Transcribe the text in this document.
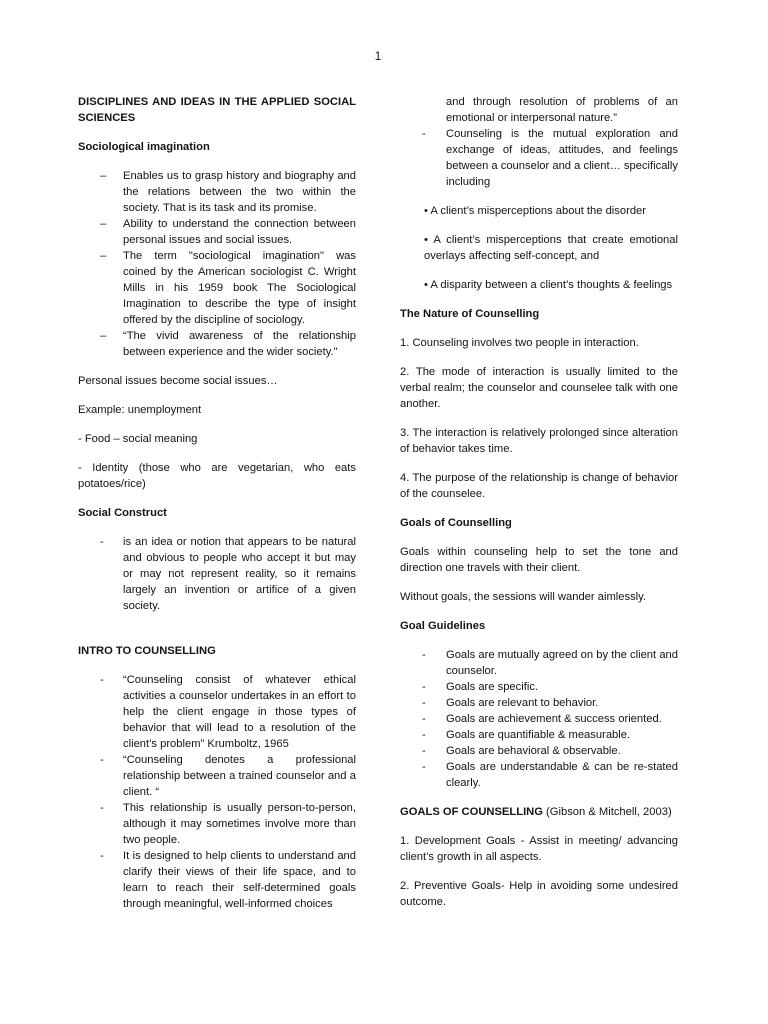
1
DISCIPLINES AND IDEAS IN THE APPLIED SOCIAL SCIENCES
Sociological imagination
– Enables us to grasp history and biography and the relations between the two within the society. That is its task and its promise.
– Ability to understand the connection between personal issues and social issues.
– The term "sociological imagination" was coined by the American sociologist C. Wright Mills in his 1959 book The Sociological Imagination to describe the type of insight offered by the discipline of sociology.
– “The vivid awareness of the relationship between experience and the wider society."
Personal issues become social issues…
Example: unemployment
- Food – social meaning
- Identity (those who are vegetarian, who eats potatoes/rice)
Social Construct
- is an idea or notion that appears to be natural and obvious to people who accept it but may or may not represent reality, so it remains largely an invention or artifice of a given society.
INTRO TO COUNSELLING
- “Counseling consist of whatever ethical activities a counselor undertakes in an effort to help the client engage in those types of behavior that will lead to a resolution of the client’s problem” Krumboltz, 1965
- “Counseling denotes a professional relationship between a trained counselor and a client. “
- This relationship is usually person-to-person, although it may sometimes involve more than two people.
- It is designed to help clients to understand and clarify their views of their life space, and to learn to reach their self-determined goals through meaningful, well-informed choices
and through resolution of problems of an emotional or interpersonal nature.”
- Counseling is the mutual exploration and exchange of ideas, attitudes, and feelings between a counselor and a client… specifically including
• A client’s misperceptions about the disorder
• A client’s misperceptions that create emotional overlays affecting self-concept, and
• A disparity between a client’s thoughts & feelings
The Nature of Counselling
1. Counseling involves two people in interaction.
2. The mode of interaction is usually limited to the verbal realm; the counselor and counselee talk with one another.
3. The interaction is relatively prolonged since alteration of behavior takes time.
4. The purpose of the relationship is change of behavior of the counselee.
Goals of Counselling
Goals within counseling help to set the tone and direction one travels with their client.
Without goals, the sessions will wander aimlessly.
Goal Guidelines
- Goals are mutually agreed on by the client and counselor.
- Goals are specific.
- Goals are relevant to behavior.
- Goals are achievement & success oriented.
- Goals are quantifiable & measurable.
- Goals are behavioral & observable.
- Goals are understandable & can be re-stated clearly.
GOALS OF COUNSELLING (Gibson & Mitchell, 2003)
1. Development Goals - Assist in meeting/ advancing client’s growth in all aspects.
2. Preventive Goals- Help in avoiding some undesired outcome.
